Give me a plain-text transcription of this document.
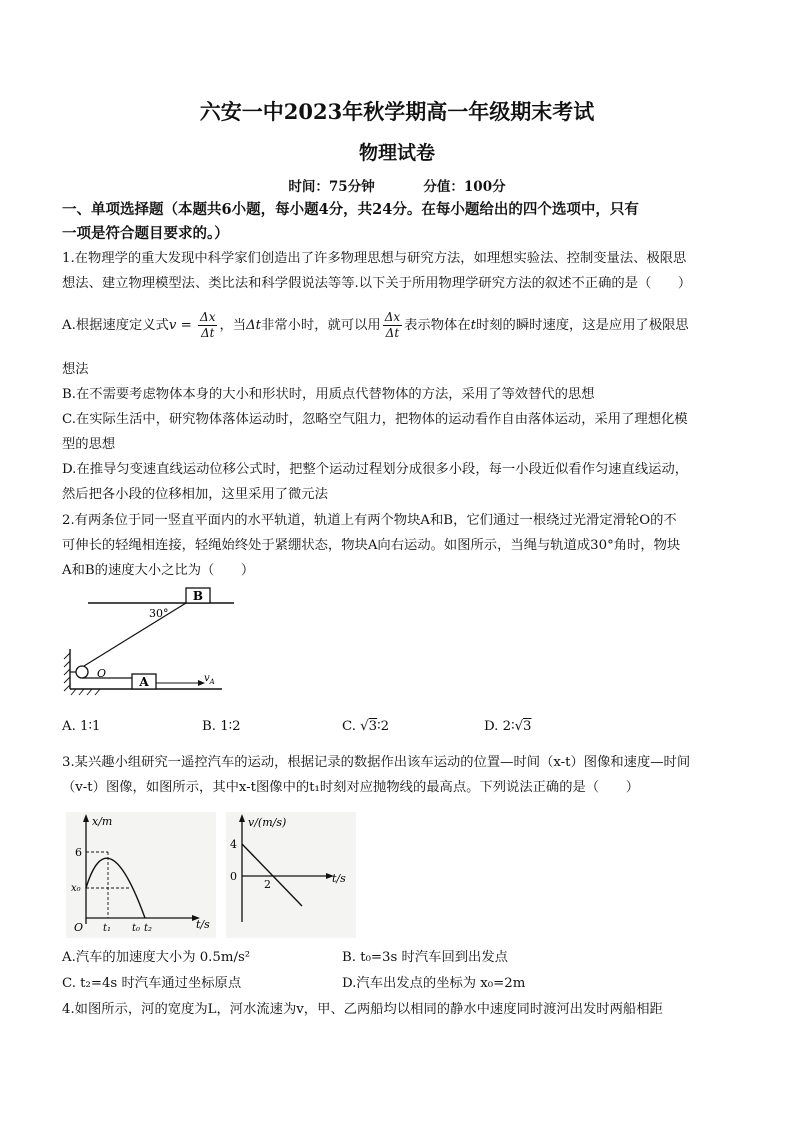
六安一中2023年秋学期高一年级期末考试
物理试卷
时间：75分钟	分值：100分
一、单项选择题（本题共6小题，每小题4分，共24分。在每小题给出的四个选项中，只有
一项是符合题目要求的。）
1.在物理学的重大发现中科学家们创造出了许多物理思想与研究方法，如理想实验法、控制变量法、极限思
想法、建立物理模型法、类比法和科学假说法等等.以下关于所用物理学研究方法的叙述不正确的是（　　）
A.根据速度定义式$v = \frac{\Delta x}{\Delta t}$ ，当Δt非常小时，就可以用 $\frac{\Delta x}{\Delta t}$ 表示物体在t时刻的瞬时速度，这是应用了极限思
想法
B.在不需要考虑物体本身的大小和形状时，用质点代替物体的方法，采用了等效替代的思想
C.在实际生活中，研究物体落体运动时，忽略空气阻力，把物体的运动看作自由落体运动，采用了理想化模
型的思想
D.在推导匀变速直线运动位移公式时，把整个运动过程划分成很多小段，每一小段近似看作匀速直线运动，
然后把各小段的位移相加，这里采用了微元法
2.有两条位于同一竖直平面内的水平轨道，轨道上有两个物块A和B，它们通过一根绕过光滑定滑轮O的不
可伸长的轻绳相连接，轻绳始终处于紧绷状态，物块A向右运动。如图所示，当绳与轨道成30°角时，物块
A和B的速度大小之比为（　　）
B
30°
O
A	$v_A$
A. 1∶1	B. 1∶2	C. √3∶2	D. 2∶√3
3.某兴趣小组研究一遥控汽车的运动，根据记录的数据作出该车运动的位置—时间（x-t）图像和速度—时间
（v-t）图像，如图所示，其中x-t图像中的t₁时刻对应抛物线的最高点。下列说法正确的是（　　）
x/m
t/s
6
x₀
O t₁ t₀ t₂
v/(m/s)
t/s
4
0
2
A.汽车的加速度大小为 0.5m/s²	B. t₀=3s 时汽车回到出发点
C. t₂=4s 时汽车通过坐标原点	D.汽车出发点的坐标为 x₀=2m
4.如图所示，河的宽度为L，河水流速为v，甲、乙两船均以相同的静水中速度同时渡河出发时两船相距
